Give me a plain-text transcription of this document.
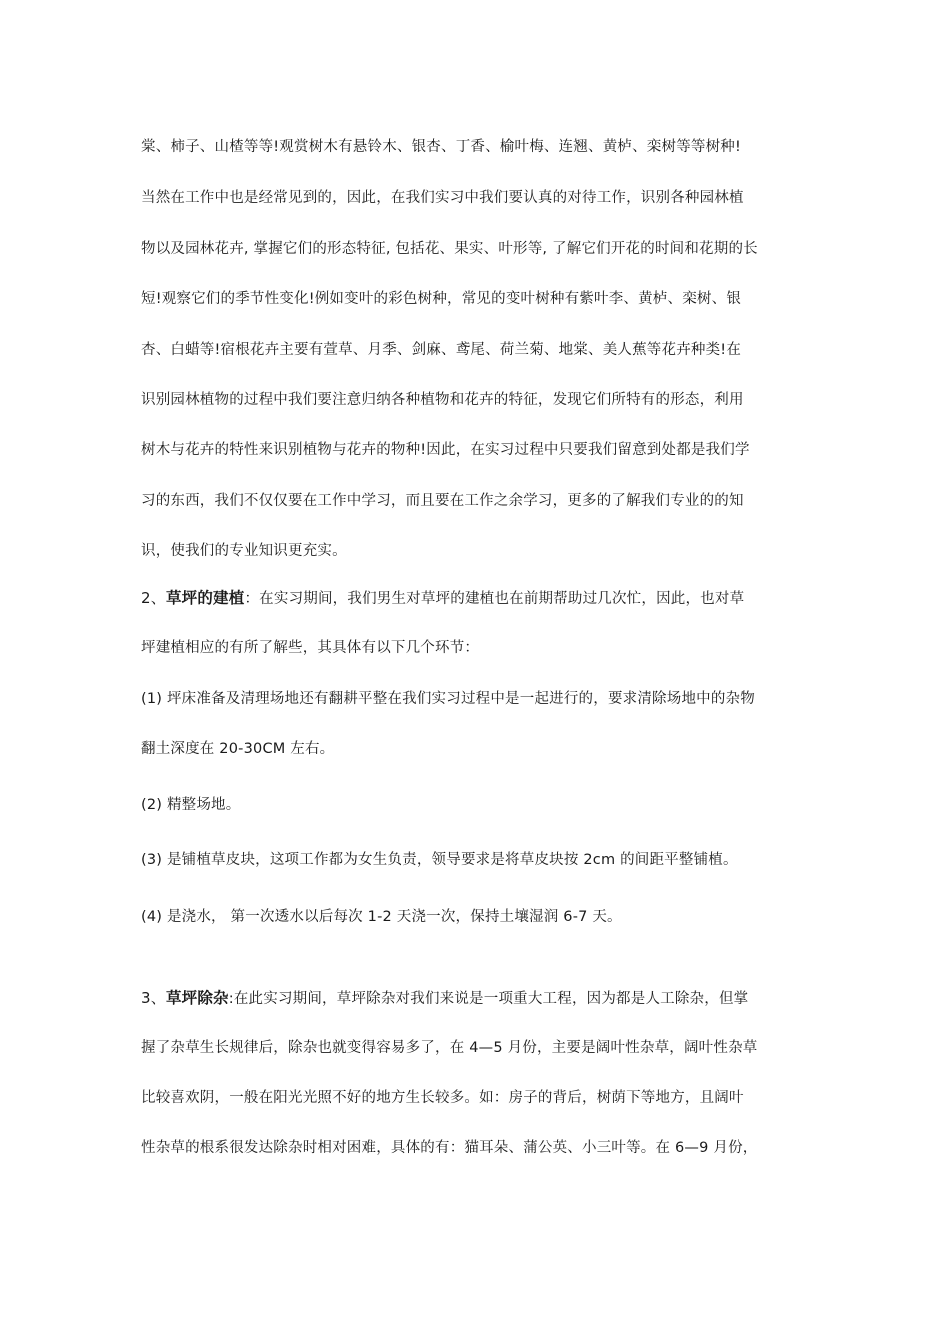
棠、柿子、山楂等等!观赏树木有悬铃木、银杏、丁香、榆叶梅、连翘、黄栌、栾树等等树种!
当然在工作中也是经常见到的，因此，在我们实习中我们要认真的对待工作，识别各种园林植
物以及园林花卉, 掌握它们的形态特征, 包括花、果实、叶形等, 了解它们开花的时间和花期的长
短!观察它们的季节性变化!例如变叶的彩色树种，常见的变叶树种有紫叶李、黄栌、栾树、银
杏、白蜡等!宿根花卉主要有萱草、月季、剑麻、鸢尾、荷兰菊、地棠、美人蕉等花卉种类!在
识别园林植物的过程中我们要注意归纳各种植物和花卉的特征，发现它们所特有的形态，利用
树木与花卉的特性来识别植物与花卉的物种!因此，在实习过程中只要我们留意到处都是我们学
习的东西，我们不仅仅要在工作中学习，而且要在工作之余学习，更多的了解我们专业的的知
识，使我们的专业知识更充实。
2、草坪的建植：在实习期间，我们男生对草坪的建植也在前期帮助过几次忙，因此，也对草
坪建植相应的有所了解些，其具体有以下几个环节：
(1) 坪床准备及清理场地还有翻耕平整在我们实习过程中是一起进行的，要求清除场地中的杂物
翻土深度在 20-30CM 左右。
(2) 精整场地。
(3) 是铺植草皮块，这项工作都为女生负责，领导要求是将草皮块按 2cm 的间距平整铺植。
(4) 是浇水， 第一次透水以后每次 1-2 天浇一次，保持土壤湿润 6-7 天。
3、草坪除杂:在此实习期间，草坪除杂对我们来说是一项重大工程，因为都是人工除杂，但掌
握了杂草生长规律后，除杂也就变得容易多了，在 4—5 月份，主要是阔叶性杂草，阔叶性杂草
比较喜欢阴，一般在阳光光照不好的地方生长较多。如：房子的背后，树荫下等地方，且阔叶
性杂草的根系很发达除杂时相对困难，具体的有：猫耳朵、蒲公英、小三叶等。在 6—9 月份，
